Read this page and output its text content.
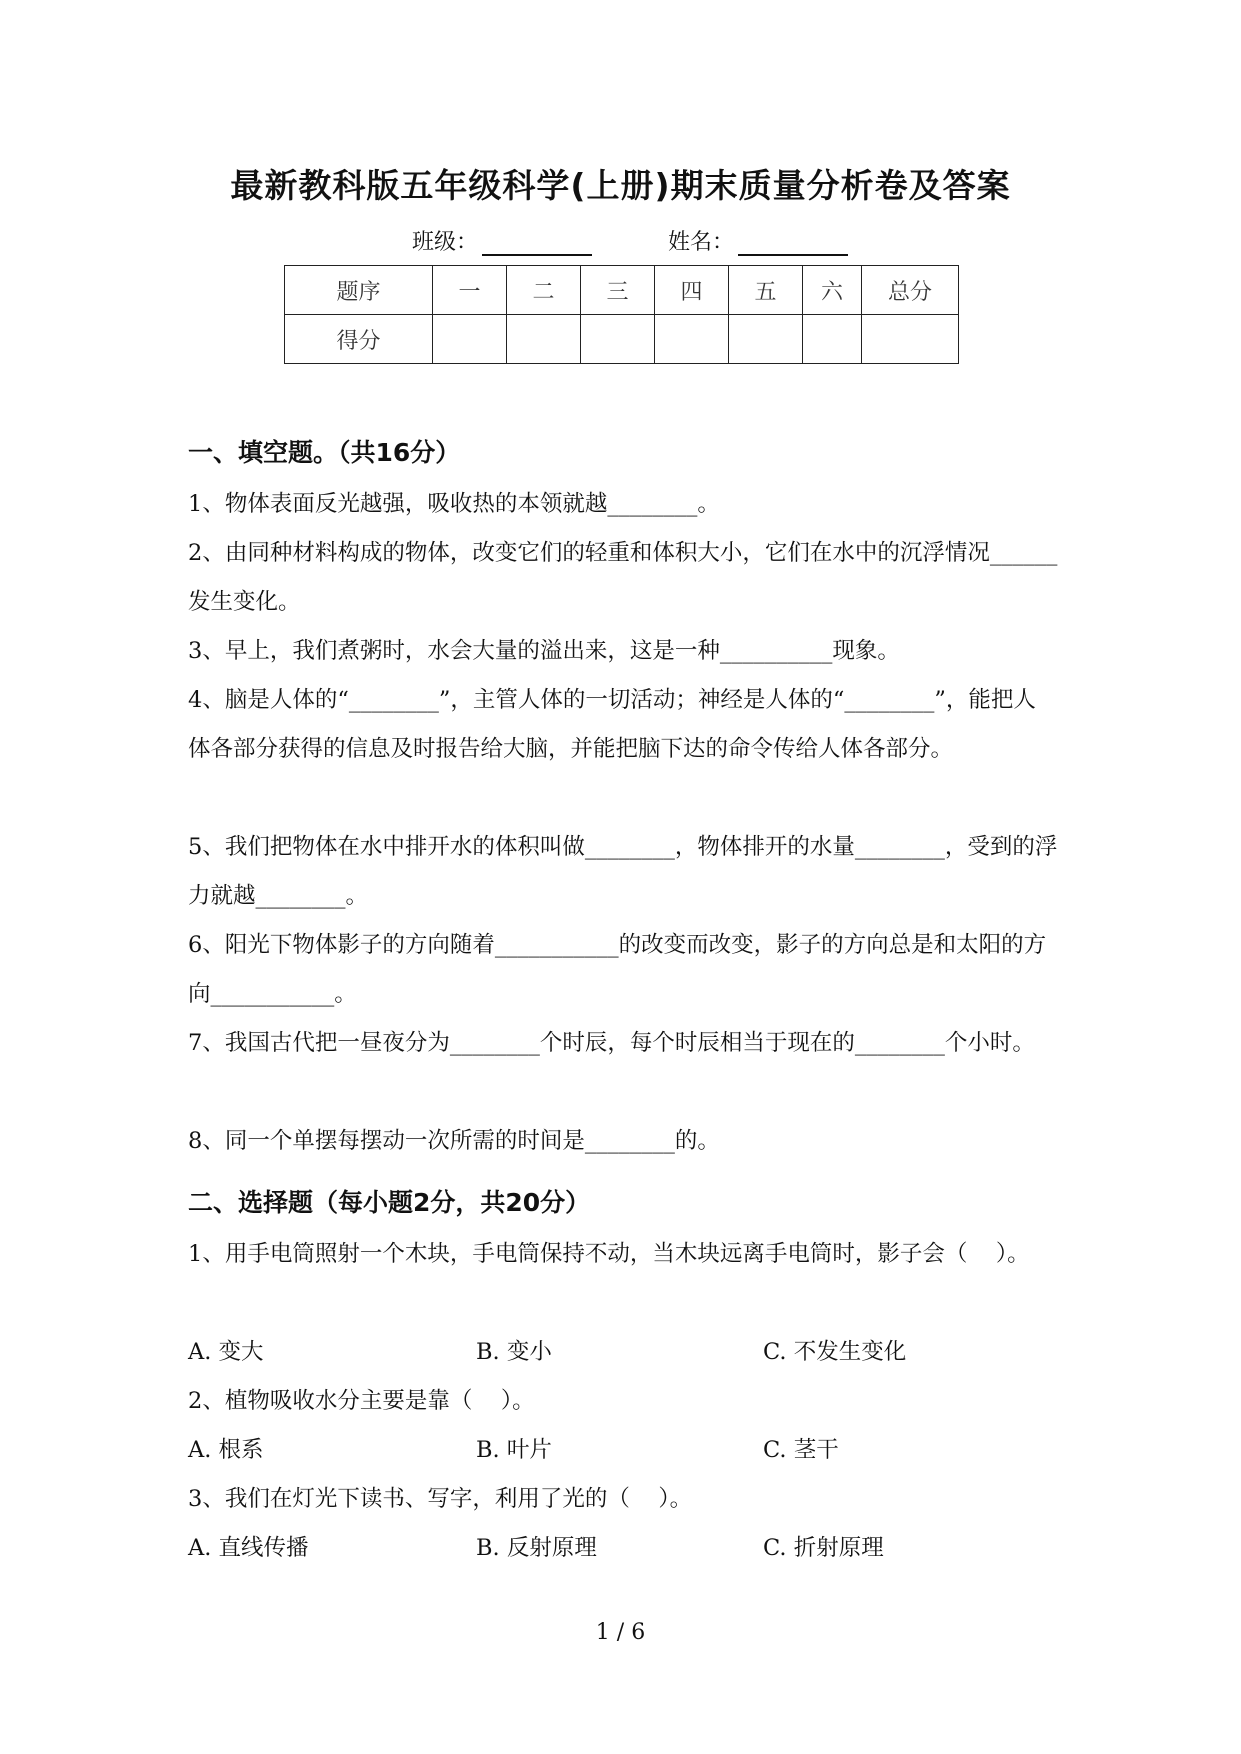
最新教科版五年级科学(上册)期末质量分析卷及答案
班级：	姓名：
题序	一	二	三	四	五	六	总分
得分							
一、填空题。（共16分）
1、物体表面反光越强，吸收热的本领就越________。
2、由同种材料构成的物体，改变它们的轻重和体积大小，它们在水中的沉浮情况______发生变化。
3、早上，我们煮粥时，水会大量的溢出来，这是一种__________现象。
4、脑是人体的“________”，主管人体的一切活动；神经是人体的“________”，能把人体各部分获得的信息及时报告给大脑，并能把脑下达的命令传给人体各部分。
5、我们把物体在水中排开水的体积叫做________，物体排开的水量________，受到的浮力就越________。
6、阳光下物体影子的方向随着___________的改变而改变，影子的方向总是和太阳的方向___________。
7、我国古代把一昼夜分为________个时辰，每个时辰相当于现在的________个小时。
8、同一个单摆每摆动一次所需的时间是________的。
二、选择题（每小题2分，共20分）
1、用手电筒照射一个木块，手电筒保持不动，当木块远离手电筒时，影子会（    ）。
A. 变大	B. 变小	C. 不发生变化
2、植物吸收水分主要是靠（    ）。
A. 根系	B. 叶片	C. 茎干
3、我们在灯光下读书、写字，利用了光的（    ）。
A. 直线传播	B. 反射原理	C. 折射原理
1 / 6
